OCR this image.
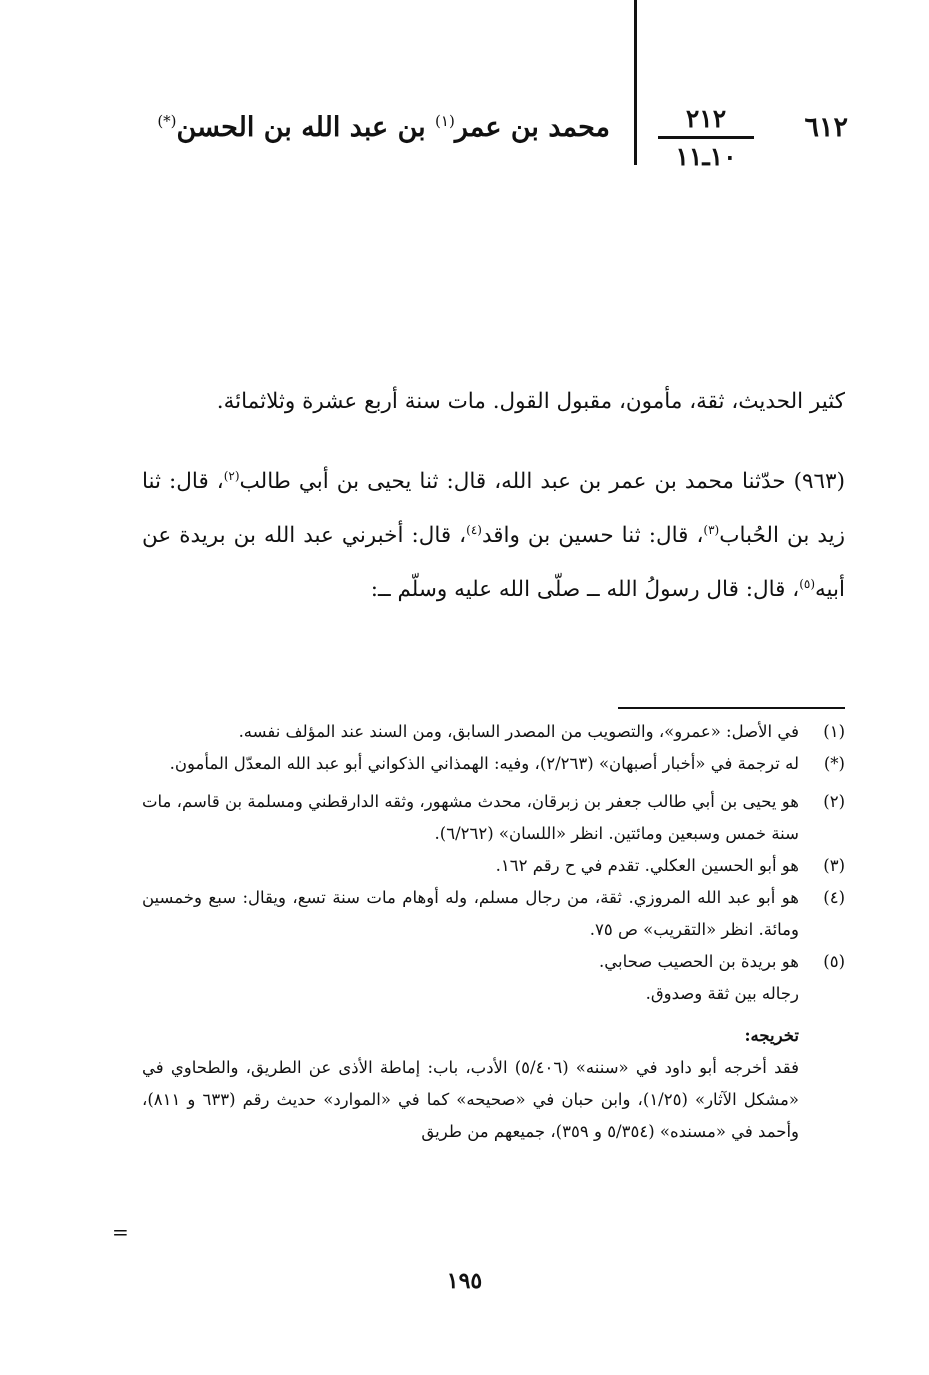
٦١٢
٢١٢
١٠ـ١١
محمد بن عمر$^{(١)}$ بن عبد الله بن الحسن(*)

كثير الحديث، ثقة، مأمون، مقبول القول. مات سنة أربع عشرة وثلاثمائة.

(٩٦٣) حدّثنا محمد بن عمر بن عبد الله، قال: ثنا يحيى بن أبي طالب$^{(٢)}$، قال: ثنا زيد بن الحُباب$^{(٣)}$، قال: ثنا حسين بن واقد$^{(٤)}$، قال: أخبرني عبد الله بن بريدة عن أبيه$^{(٥)}$، قال: قال رسولُ الله ــ صلّى الله عليه وسلّم ــ:

(١)
في الأصل: «عمرو»، والتصويب من المصدر السابق، ومن السند عند المؤلف نفسه.
(*)
له ترجمة في «أخبار أصبهان» (٢/٢٦٣)، وفيه: الهمذاني الذكواني أبو عبد الله المعدّل المأمون.
(٢)
هو يحيى بن أبي طالب جعفر بن زبرقان، محدث مشهور، وثقه الدارقطني ومسلمة بن قاسم، مات سنة خمس وسبعين ومائتين. انظر «اللسان» (٦/٢٦٢).
(٣)
هو أبو الحسين العكلي. تقدم في ح رقم ١٦٢.
(٤)
هو أبو عبد الله المروزي. ثقة، من رجال مسلم، وله أوهام مات سنة تسع، ويقال: سبع وخمسين ومائة. انظر «التقريب» ص ٧٥.
(٥)
هو بريدة بن الحصيب صحابي.
رجاله بين ثقة وصدوق.
تخريجه:
فقد أخرجه أبو داود في «سننه» (٥/٤٠٦) الأدب، باب: إماطة الأذى عن الطريق، والطحاوي في «مشكل الآثار» (١/٢٥)، وابن حبان في «صحيحه» كما في «الموارد» حديث رقم (٦٣٣ و ٨١١)، وأحمد في «مسنده» (٥/٣٥٤ و ٣٥٩)، جميعهم من طريق
=
١٩٥
